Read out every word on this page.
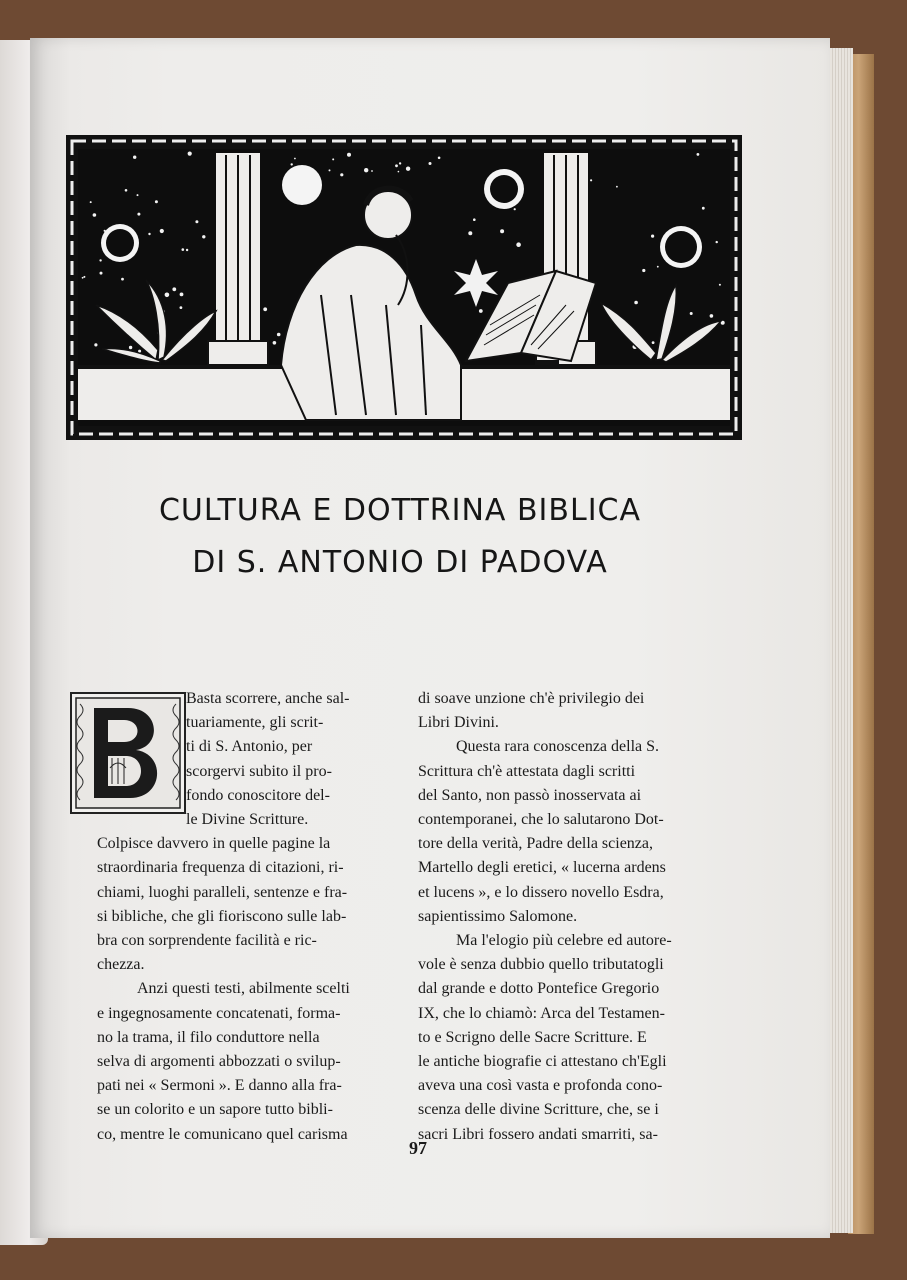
CULTURA E DOTTRINA BIBLICA
DI S. ANTONIO DI PADOVA
Basta scorrere, anche sal-
tuariamente, gli scrit-
ti di S. Antonio, per
scorgervi subito il pro-
fondo conoscitore del-
le Divine Scritture.
Colpisce davvero in quelle pagine la
straordinaria frequenza di citazioni, ri-
chiami, luoghi paralleli, sentenze e fra-
si bibliche, che gli fioriscono sulle lab-
bra con sorprendente facilità e ric-
chezza.
Anzi questi testi, abilmente scelti
e ingegnosamente concatenati, forma-
no la trama, il filo conduttore nella
selva di argomenti abbozzati o svilup-
pati nei « Sermoni ». E danno alla fra-
se un colorito e un sapore tutto bibli-
co, mentre le comunicano quel carisma
di soave unzione ch'è privilegio dei
Libri Divini.
Questa rara conoscenza della S.
Scrittura ch'è attestata dagli scritti
del Santo, non passò inosservata ai
contemporanei, che lo salutarono Dot-
tore della verità, Padre della scienza,
Martello degli eretici, « lucerna ardens
et lucens », e lo dissero novello Esdra,
sapientissimo Salomone.
Ma l'elogio più celebre ed autore-
vole è senza dubbio quello tributatogli
dal grande e dotto Pontefice Gregorio
IX, che lo chiamò: Arca del Testamen-
to e Scrigno delle Sacre Scritture. E
le antiche biografie ci attestano ch'Egli
aveva una così vasta e profonda cono-
scenza delle divine Scritture, che, se i
sacri Libri fossero andati smarriti, sa-
97
